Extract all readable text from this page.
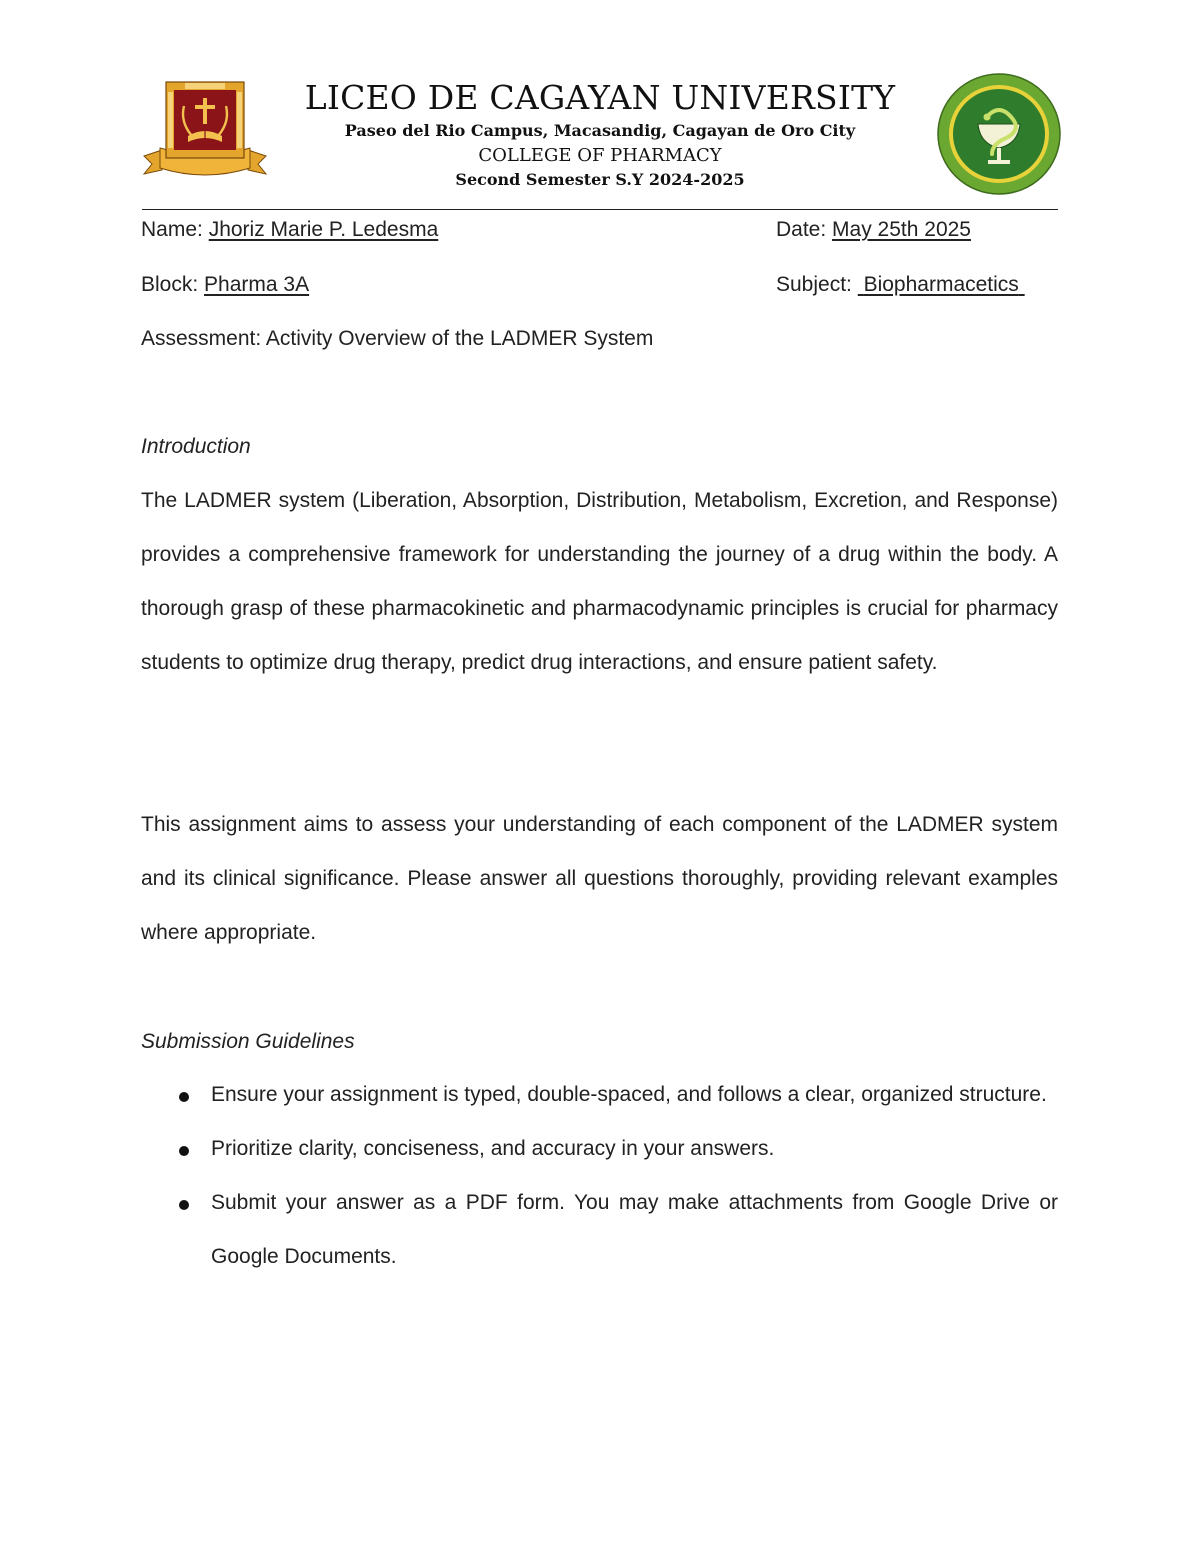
LICEO DE CAGAYAN UNIVERSITY
Paseo del Rio Campus, Macasandig, Cagayan de Oro City
COLLEGE OF PHARMACY
Second Semester S.Y 2024-2025
Name: Jhoriz Marie P. Ledesma	Date: May 25th 2025
Block: Pharma 3A	Subject: Biopharmacetics
Assessment: Activity Overview of the LADMER System
Introduction
The LADMER system (Liberation, Absorption, Distribution, Metabolism, Excretion, and Response) provides a comprehensive framework for understanding the journey of a drug within the body. A thorough grasp of these pharmacokinetic and pharmacodynamic principles is crucial for pharmacy students to optimize drug therapy, predict drug interactions, and ensure patient safety.
This assignment aims to assess your understanding of each component of the LADMER system and its clinical significance. Please answer all questions thoroughly, providing relevant examples where appropriate.
Submission Guidelines
Ensure your assignment is typed, double-spaced, and follows a clear, organized structure.
Prioritize clarity, conciseness, and accuracy in your answers.
Submit your answer as a PDF form. You may make attachments from Google Drive or Google Documents.
